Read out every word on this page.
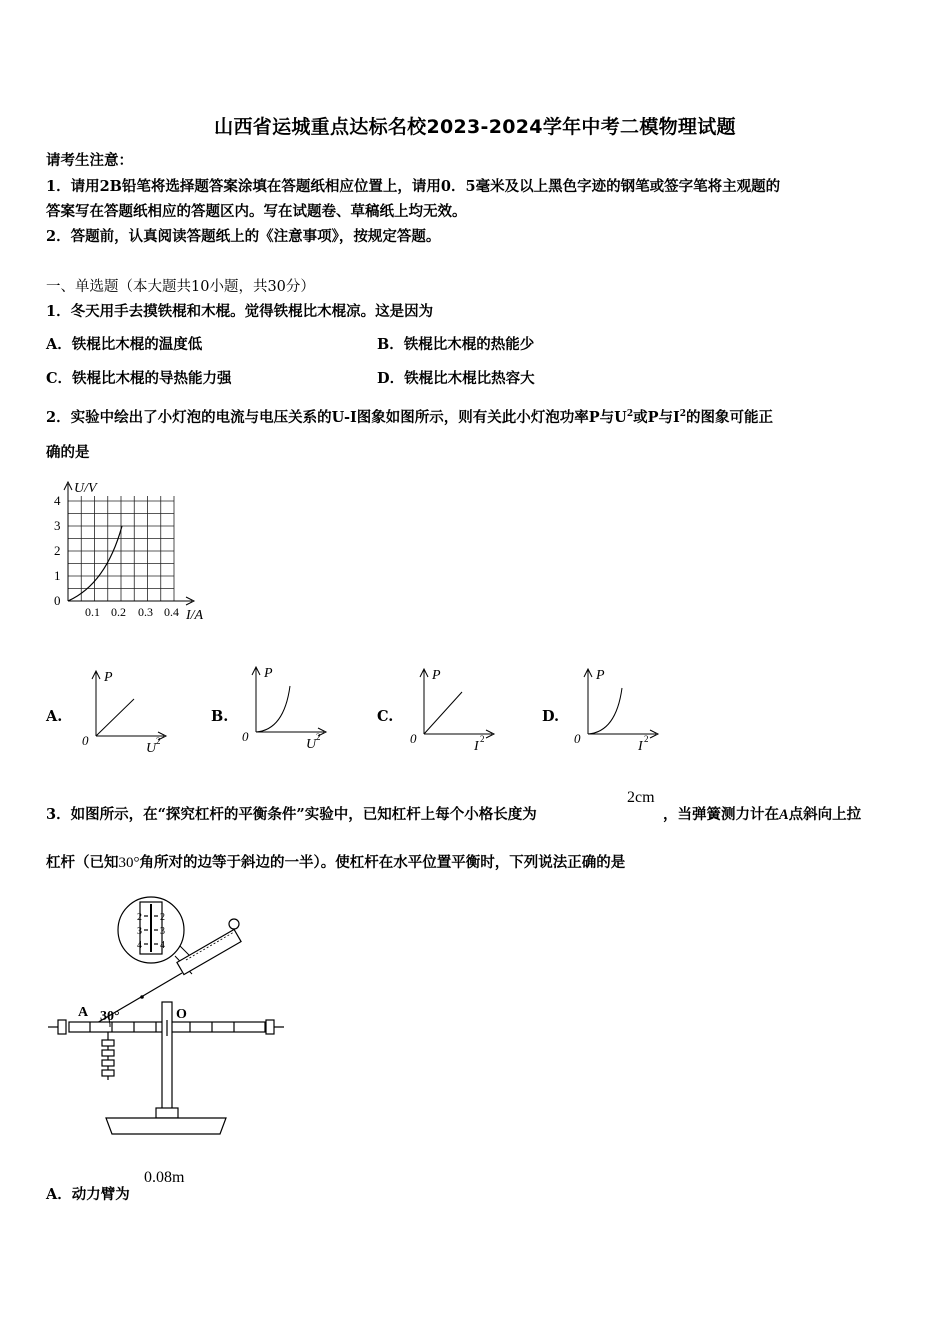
山西省运城重点达标名校2023-2024学年中考二模物理试题
请考生注意：
1．请用2B铅笔将选择题答案涂填在答题纸相应位置上，请用0．5毫米及以上黑色字迹的钢笔或签字笔将主观题的
答案写在答题纸相应的答题区内。写在试题卷、草稿纸上均无效。
2．答题前，认真阅读答题纸上的《注意事项》，按规定答题。
一、单选题（本大题共10小题，共30分）
1．冬天用手去摸铁棍和木棍。觉得铁棍比木棍凉。这是因为
A．铁棍比木棍的温度低	B．铁棍比木棍的热能少
C．铁棍比木棍的导热能力强	D．铁棍比木棍比热容大
2．实验中绘出了小灯泡的电流与电压关系的U-I图象如图所示，则有关此小灯泡功率P与$U^2$或P与$I^2$的图象可能正
确的是
U/V
I/A
0
1
2
3
4
0.1 0.2 0.3 0.4
A.
P
0
U 2
B.
P
0
U 2
C.
P
0
I 2
D.
P
0
I 2
3．如图所示，在“探究杠杆的平衡条件”实验中，已知杠杆上每个小格长度为
2cm
，当弹簧测力计在A点斜向上拉
杠杆（已知30°角所对的边等于斜边的一半）。使杠杆在水平位置平衡时，下列说法正确的是
2
3
4
2
3
4
A 30°	O
A．动力臂为
0.08m
